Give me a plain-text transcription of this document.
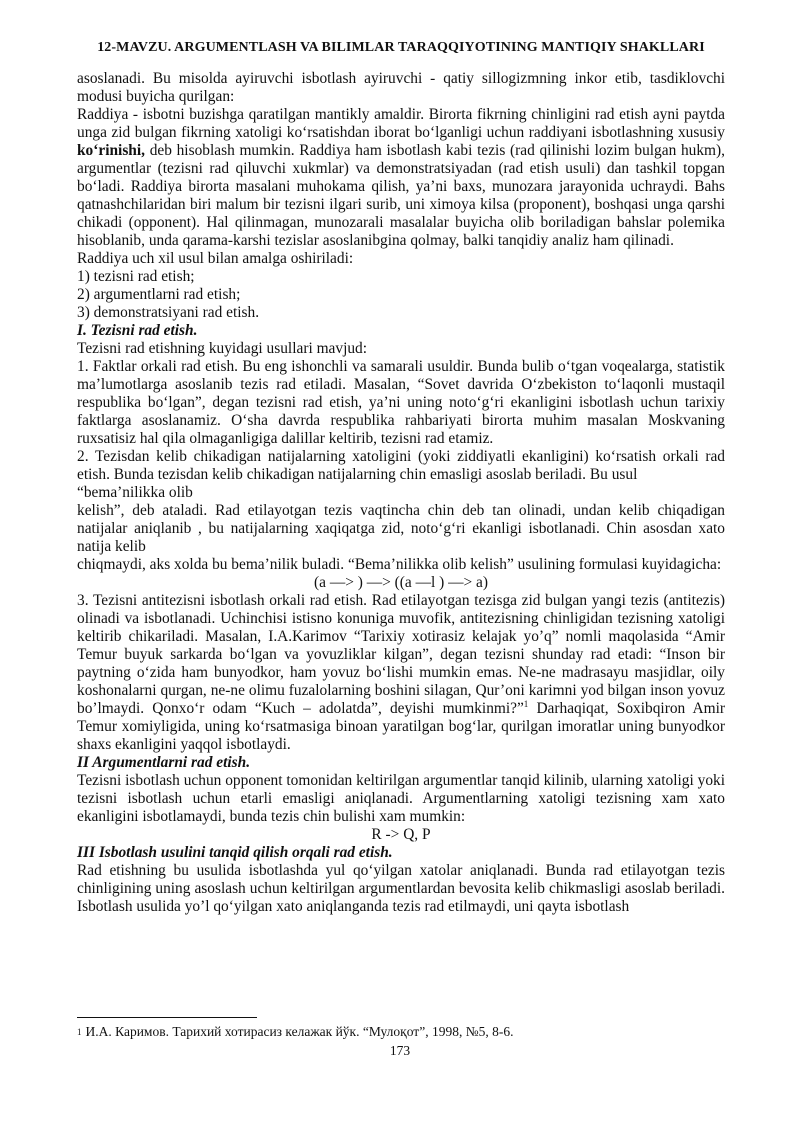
12-MAVZU. ARGUMENTLASH VA BILIMLAR TARAQQIYOTINING MANTIQIY SHAKLLARI

asoslanadi. Bu misolda ayiruvchi isbotlash ayiruvchi - qatiy sillogizmning inkor etib, tasdiklovchi modusi buyicha qurilgan:

Raddiya - isbotni buzishga qaratilgan mantikly amaldir. Birorta fikrning chinligini rad etish ayni paytda unga zid bulgan fikrning xatoligi ko‘rsatishdan iborat bo‘lganligi uchun raddiyani isbotlashning xususiy ko‘rinishi, deb hisoblash mumkin. Raddiya ham isbotlash kabi tezis (rad qilinishi lozim bulgan hukm), argumentlar (tezisni rad qiluvchi xukmlar) va demonstratsiyadan (rad etish usuli) dan tashkil topgan bo‘ladi. Raddiya birorta masalani muhokama qilish, ya’ni baxs, munozara jarayonida uchraydi. Bahs qatnashchilaridan biri malum bir tezisni ilgari surib, uni ximoya kilsa (proponent), boshqasi unga qarshi chikadi (opponent). Hal qilinmagan, munozarali masalalar buyicha olib boriladigan bahslar polemika hisoblanib, unda qarama-karshi tezislar asoslanibgina qolmay, balki tanqidiy analiz ham qilinadi.

Raddiya uch xil usul bilan amalga oshiriladi:

1) tezisni rad etish;

2) argumentlarni rad etish;

3) demonstratsiyani rad etish.

I. Tezisni rad etish.

Tezisni rad etishning kuyidagi usullari mavjud:

1. Faktlar orkali rad etish. Bu eng ishonchli va samarali usuldir. Bunda bulib o‘tgan voqealarga, statistik ma’lumotlarga asoslanib tezis rad etiladi. Masalan, “Sovet davrida O‘zbekiston to‘laqonli mustaqil respublika bo‘lgan”, degan tezisni rad etish, ya’ni uning noto‘g‘ri ekanligini isbotlash uchun tarixiy faktlarga asoslanamiz. O‘sha davrda respublika rahbariyati birorta muhim masalan Moskvaning ruxsatisiz hal qila olmaganligiga dalillar keltirib, tezisni rad etamiz.

2. Tezisdan kelib chikadigan natijalarning xatoligini (yoki ziddiyatli ekanligini) ko‘rsatish orkali rad etish. Bunda tezisdan kelib chikadigan natijalarning chin emasligi asoslab beriladi. Bu usul

“bema’nilikka olib

kelish”, deb ataladi. Rad etilayotgan tezis vaqtincha chin deb tan olinadi, undan kelib chiqadigan natijalar aniqlanib , bu natijalarning xaqiqatga zid, noto‘g‘ri ekanligi isbotlanadi. Chin asosdan xato natija kelib

chiqmaydi, aks xolda bu bema’nilik buladi. “Bema’nilikka olib kelish” usulining formulasi kuyidagicha:

(a —> ) —> ((a —l ) —> a)

3. Tezisni antitezisni isbotlash orkali rad etish. Rad etilayotgan tezisga zid bulgan yangi tezis (antitezis) olinadi va isbotlanadi. Uchinchisi istisno konuniga muvofik, antitezisning chinligidan tezisning xatoligi keltirib chikariladi. Masalan, I.A.Karimov “Tarixiy xotirasiz kelajak yo’q” nomli maqolasida “Amir Temur buyuk sarkarda bo‘lgan va yovuzliklar kilgan”, degan tezisni shunday rad etadi: “Inson bir paytning o‘zida ham bunyodkor, ham yovuz bo‘lishi mumkin emas. Ne-ne madrasayu masjidlar, oily koshonalarni qurgan, ne-ne olimu fuzalolarning boshini silagan, Qur’oni karimni yod bilgan inson yovuz bo’lmaydi. Qonxo‘r odam “Kuch – adolatda”, deyishi mumkinmi?”$^1$ Darhaqiqat, Soxibqiron Amir Temur xomiyligida, uning ko‘rsatmasiga binoan yaratilgan bog‘lar, qurilgan imoratlar uning bunyodkor shaxs ekanligini yaqqol isbotlaydi.

II Argumentlarni rad etish.

Tezisni isbotlash uchun opponent tomonidan keltirilgan argumentlar tanqid kilinib, ularning xatoligi yoki tezisni isbotlash uchun etarli emasligi aniqlanadi. Argumentlarning xatoligi tezisning xam xato ekanligini isbotlamaydi, bunda tezis chin bulishi xam mumkin:

R -> Q, P

III Isbotlash usulini tanqid qilish orqali rad etish.

Rad etishning bu usulida isbotlashda yul qo‘yilgan xatolar aniqlanadi. Bunda rad etilayotgan tezis chinligining uning asoslash uchun keltirilgan argumentlardan bevosita kelib chikmasligi asoslab beriladi. Isbotlash usulida yo’l qo‘yilgan xato aniqlanganda tezis rad etilmaydi, uni qayta isbotlash

$^1$ И.А. Каримов. Тарихий хотирасиз келажак йўк. “Мулоқот”, 1998, №5, 8-6.
173
